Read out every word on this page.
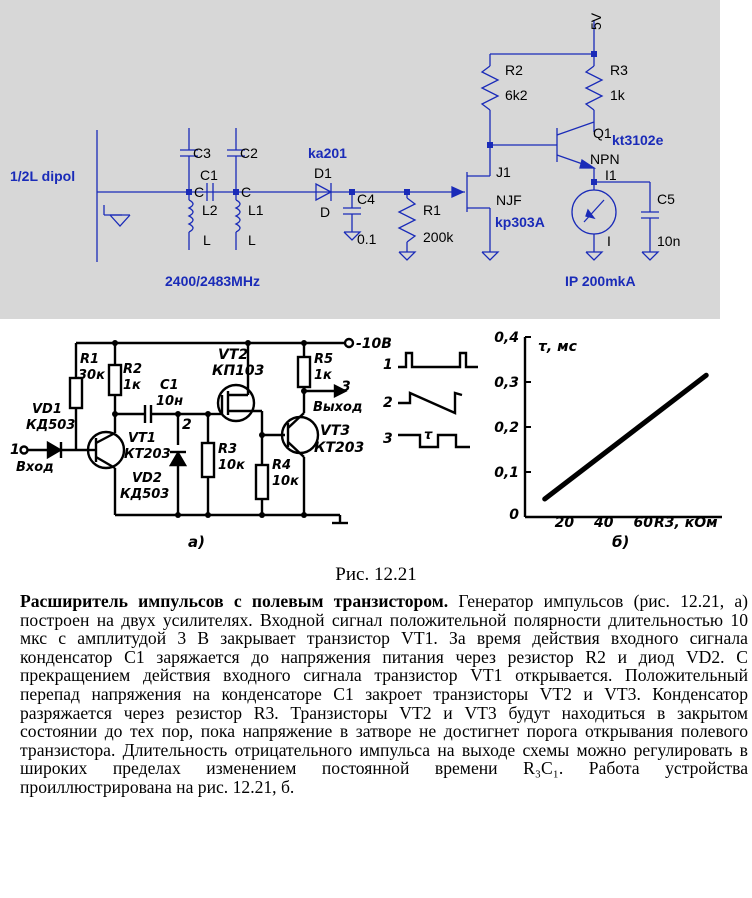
5V
1/2L dipol
C3
C1
C2
C	C
L2 L1
L	L
2400/2483MHz
ka201
D1
D
C4
0.1
R1
200k
J1
NJF
kp303A
R2
6k2
R3
1k
Q1 kt3102e
NPN
I1
I
IP 200mkA
C5
10n
-10В
R1
30к R2
1к C1
10н
VT2
КП103
R5
1к
3
Выход
VD1
КД503
1
Вход
VT1
КТ203
VD2
КД503
2
R3
10к R4
10к
VT3
КТ203
а)
1
2
3 τ
τ, мс
R3, кОм
б)
0
0,1
0,2
0,3
0,4
20 40 60
Рис. 12.21
Расширитель импульсов с полевым транзистором. Генератор импульсов (рис. 12.21, а) построен на двух усилителях. Входной сигнал положительной полярности длительностью 10 мкс с амплитудой 3 В закрывает транзистор VT1. За время действия входного сигнала конденсатор C1 заряжается до напряжения питания через резистор R2 и диод VD2. С прекращением действия входного сигнала транзистор VT1 открывается. Положительный перепад напряжения на конденсаторе C1 закроет транзисторы VT2 и VT3. Конденсатор разряжается через резистор R3. Транзисторы VT2 и VT3 будут находиться в закрытом состоянии до тех пор, пока напряжение в затворе не достигнет порога открывания полевого транзистора. Длительность отрицательного импульса на выходе схемы можно регулировать в широких пределах изменением постоянной времени R₃C₁. Работа устройства проиллюстрирована на рис. 12.21, б.
